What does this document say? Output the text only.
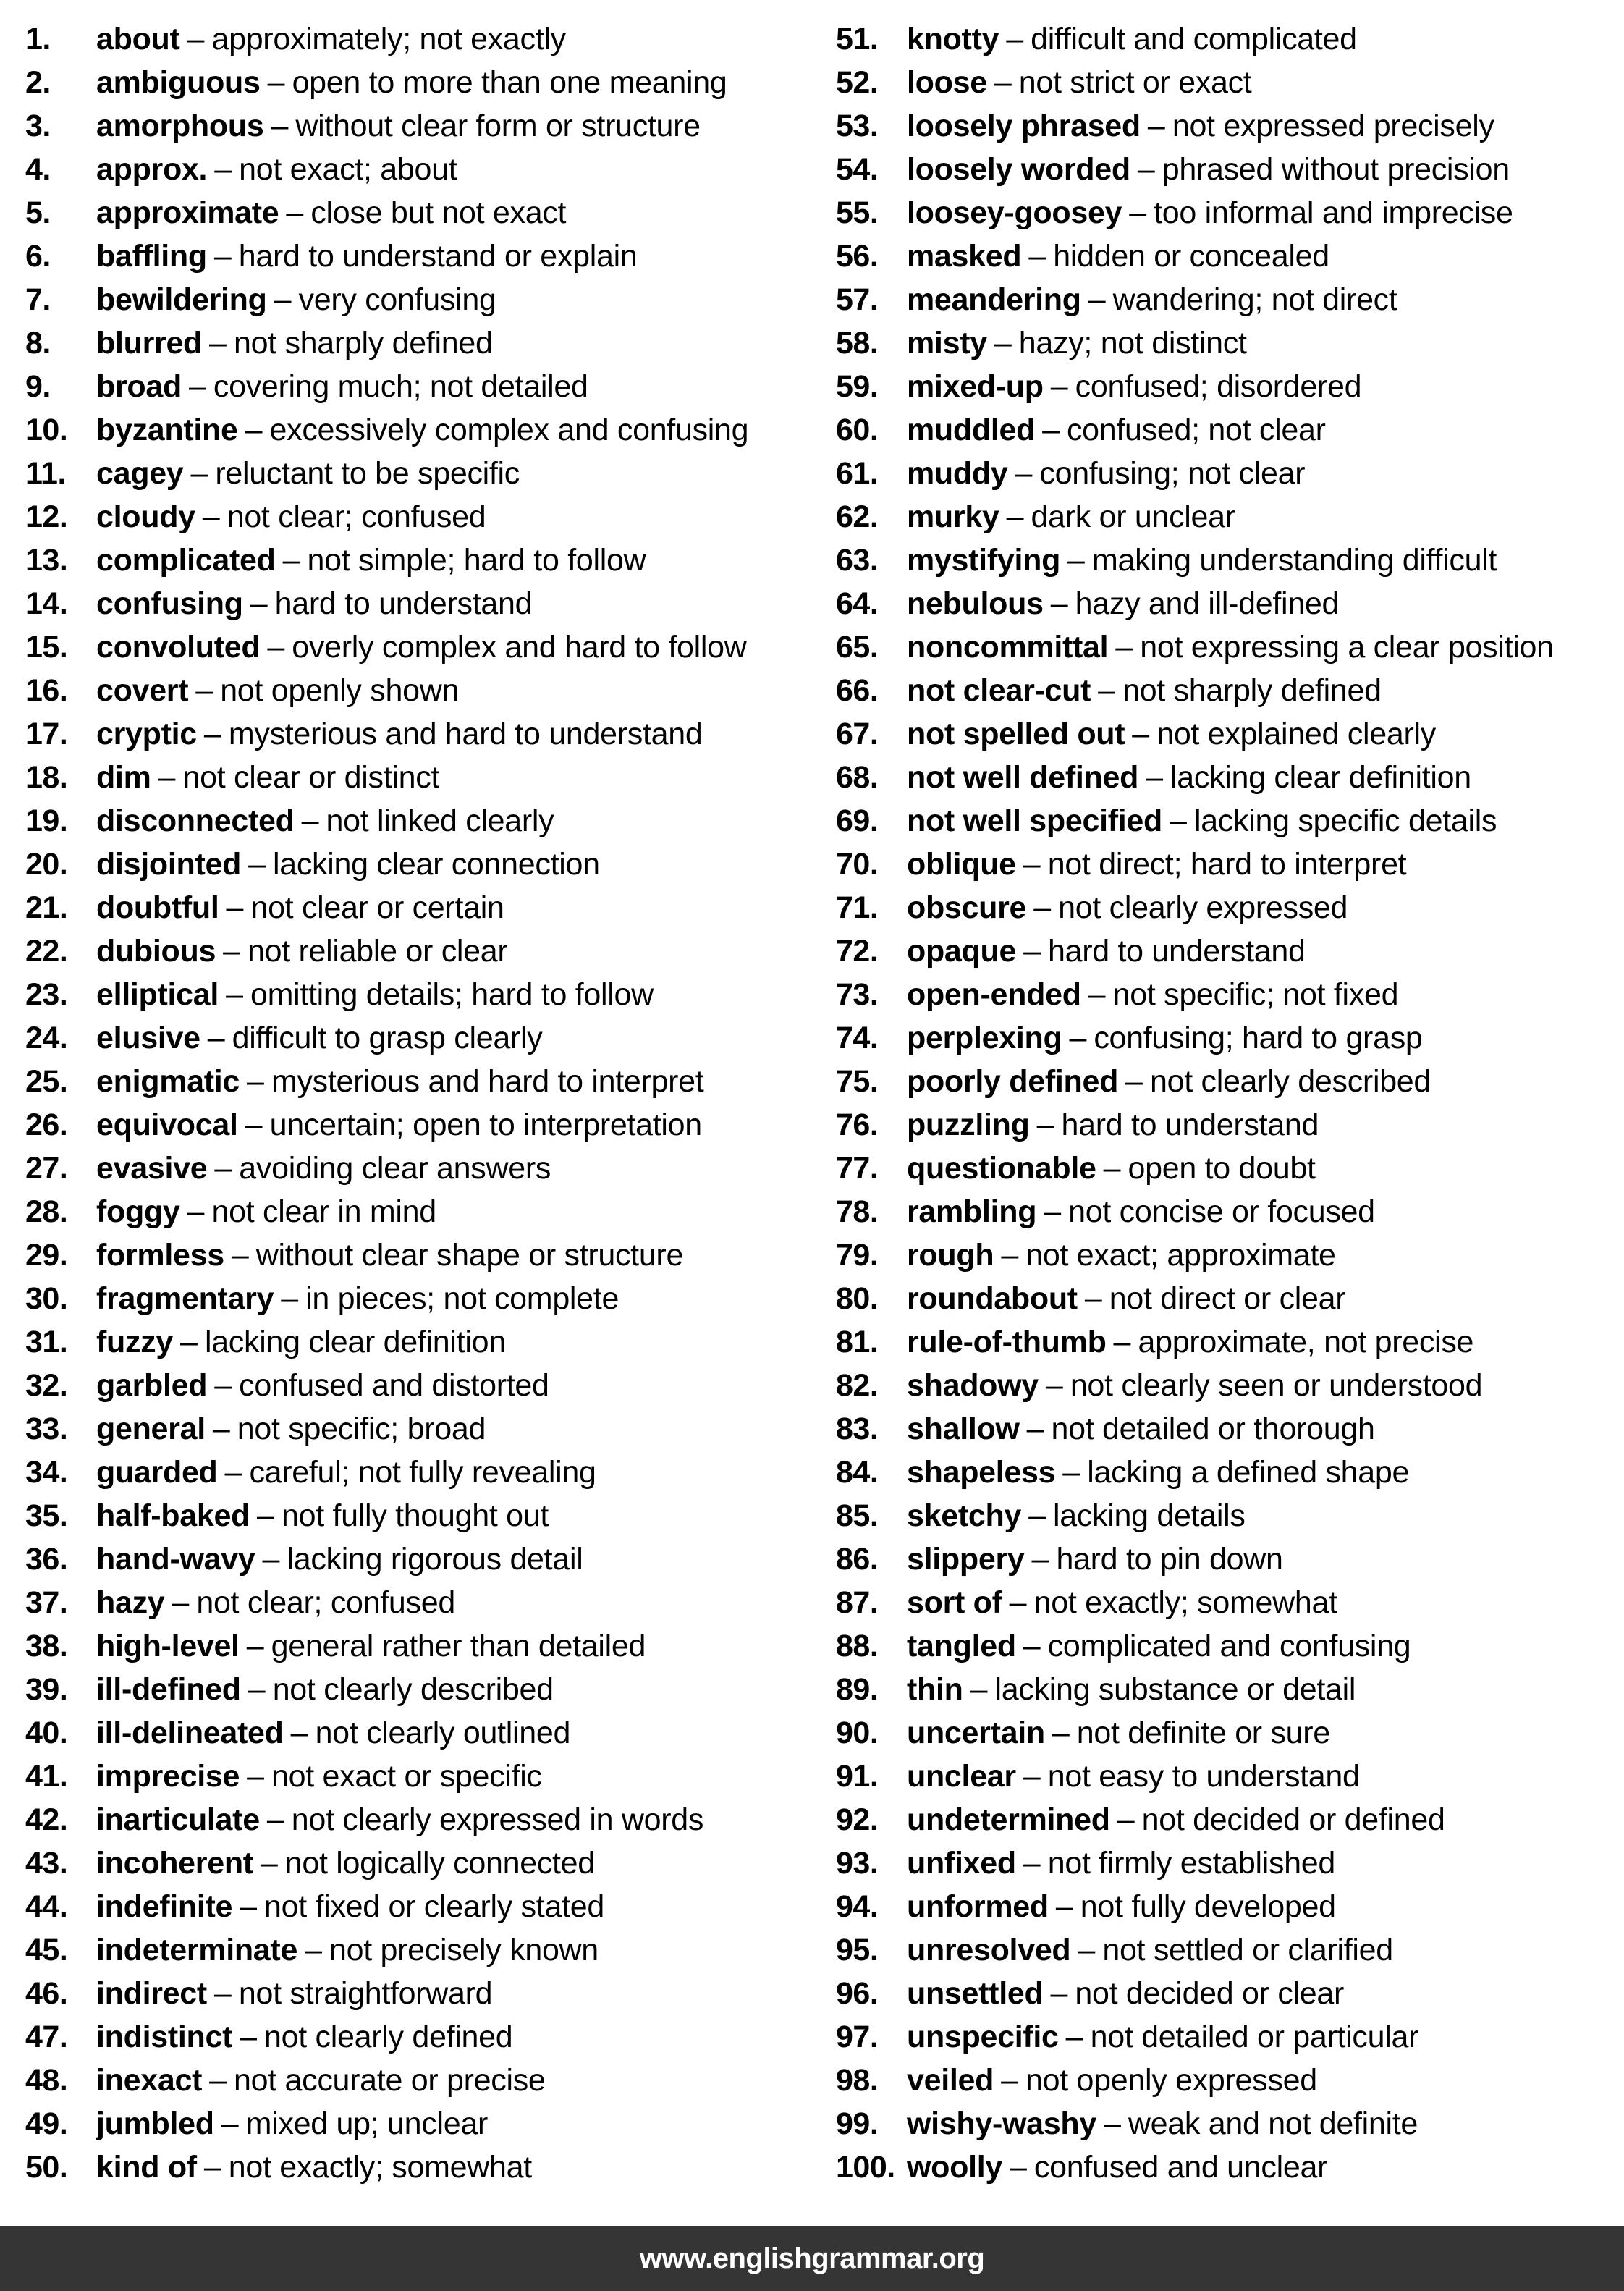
1.	about – approximately; not exactly
2.	ambiguous – open to more than one meaning
3.	amorphous – without clear form or structure
4.	approx. – not exact; about
5.	approximate – close but not exact
6.	baffling – hard to understand or explain
7.	bewildering – very confusing
8.	blurred – not sharply defined
9.	broad – covering much; not detailed
10. byzantine – excessively complex and confusing
11. cagey – reluctant to be specific
12. cloudy – not clear; confused
13. complicated – not simple; hard to follow
14. confusing – hard to understand
15. convoluted – overly complex and hard to follow
16. covert – not openly shown
17. cryptic – mysterious and hard to understand
18. dim – not clear or distinct
19. disconnected – not linked clearly
20. disjointed – lacking clear connection
21. doubtful – not clear or certain
22. dubious – not reliable or clear
23. elliptical – omitting details; hard to follow
24. elusive – difficult to grasp clearly
25. enigmatic – mysterious and hard to interpret
26. equivocal – uncertain; open to interpretation
27. evasive – avoiding clear answers
28. foggy – not clear in mind
29. formless – without clear shape or structure
30. fragmentary – in pieces; not complete
31. fuzzy – lacking clear definition
32. garbled – confused and distorted
33. general – not specific; broad
34. guarded – careful; not fully revealing
35. half-baked – not fully thought out
36. hand-wavy – lacking rigorous detail
37. hazy – not clear; confused
38. high-level – general rather than detailed
39. ill-defined – not clearly described
40. ill-delineated – not clearly outlined
41. imprecise – not exact or specific
42. inarticulate – not clearly expressed in words
43. incoherent – not logically connected
44. indefinite – not fixed or clearly stated
45. indeterminate – not precisely known
46. indirect – not straightforward
47. indistinct – not clearly defined
48. inexact – not accurate or precise
49. jumbled – mixed up; unclear
50. kind of – not exactly; somewhat
51. knotty – difficult and complicated
52. loose – not strict or exact
53. loosely phrased – not expressed precisely
54. loosely worded – phrased without precision
55. loosey-goosey – too informal and imprecise
56. masked – hidden or concealed
57. meandering – wandering; not direct
58. misty – hazy; not distinct
59. mixed-up – confused; disordered
60. muddled – confused; not clear
61. muddy – confusing; not clear
62. murky – dark or unclear
63. mystifying – making understanding difficult
64. nebulous – hazy and ill-defined
65. noncommittal – not expressing a clear position
66. not clear-cut – not sharply defined
67. not spelled out – not explained clearly
68. not well defined – lacking clear definition
69. not well specified – lacking specific details
70. oblique – not direct; hard to interpret
71. obscure – not clearly expressed
72. opaque – hard to understand
73. open-ended – not specific; not fixed
74. perplexing – confusing; hard to grasp
75. poorly defined – not clearly described
76. puzzling – hard to understand
77. questionable – open to doubt
78. rambling – not concise or focused
79. rough – not exact; approximate
80. roundabout – not direct or clear
81. rule-of-thumb – approximate, not precise
82. shadowy – not clearly seen or understood
83. shallow – not detailed or thorough
84. shapeless – lacking a defined shape
85. sketchy – lacking details
86. slippery – hard to pin down
87. sort of – not exactly; somewhat
88. tangled – complicated and confusing
89. thin – lacking substance or detail
90. uncertain – not definite or sure
91. unclear – not easy to understand
92. undetermined – not decided or defined
93. unfixed – not firmly established
94. unformed – not fully developed
95. unresolved – not settled or clarified
96. unsettled – not decided or clear
97. unspecific – not detailed or particular
98. veiled – not openly expressed
99. wishy-washy – weak and not definite
100. woolly – confused and unclear
www.englishgrammar.org
